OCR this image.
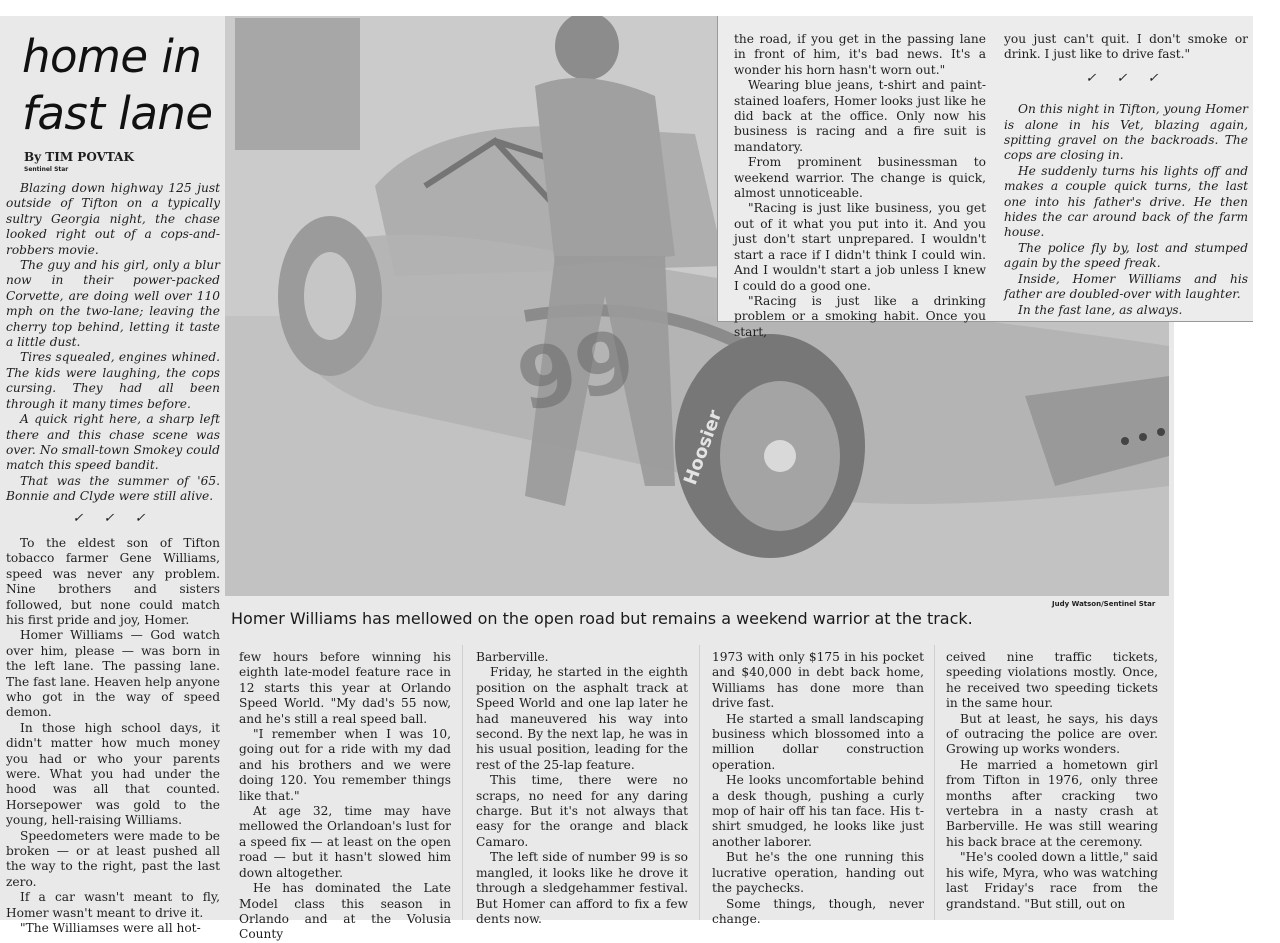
home in
fast lane

By TIM POVTAK

Sentinel Star

Blazing down highway 125 just outside of Tifton on a typically sultry Georgia night, the chase looked right out of a cops-and-robbers movie.

The guy and his girl, only a blur now in their power-packed Corvette, are doing well over 110 mph on the two-lane; leaving the cherry top behind, letting it taste a little dust.

Tires squealed, engines whined. The kids were laughing, the cops cursing. They had all been through it many times before.

A quick right here, a sharp left there and this chase scene was over. No small-town Smokey could match this speed bandit.

That was the summer of '65. Bonnie and Clyde were still alive.

✓ ✓ ✓

To the eldest son of Tifton tobacco farmer Gene Williams, speed was never any problem. Nine brothers and sisters followed, but none could match his first pride and joy, Homer.

Homer Williams — God watch over him, please — was born in the left lane. The passing lane. The fast lane. Heaven help anyone who got in the way of speed demon.

In those high school days, it didn't matter how much money you had or who your parents were. What you had under the hood was all that counted. Horsepower was gold to the young, hell-raising Williams.

Speedometers were made to be broken — or at least pushed all the way to the right, past the last zero.

If a car wasn't meant to fly, Homer wasn't meant to drive it.

"The Williamses were all hot-

the road, if you get in the passing lane in front of him, it's bad news. It's a wonder his horn hasn't worn out."

Wearing blue jeans, t-shirt and paint-stained loafers, Homer looks just like he did back at the office. Only now his business is racing and a fire suit is mandatory.

From prominent businessman to weekend warrior. The change is quick, almost unnoticeable.

"Racing is just like business, you get out of it what you put into it. And you just don't start unprepared. I wouldn't start a race if I didn't think I could win. And I wouldn't start a job unless I knew I could do a good one.

"Racing is just like a drinking problem or a smoking habit. Once you start,

you just can't quit. I don't smoke or drink. I just like to drive fast."

✓ ✓ ✓

On this night in Tifton, young Homer is alone in his Vet, blazing again, spitting gravel on the backroads. The cops are closing in.

He suddenly turns his lights off and makes a couple quick turns, the last one into his father's drive. He then hides the car around back of the farm house.

The police fly by, lost and stumped again by the speed freak.

Inside, Homer Williams and his father are doubled-over with laughter.

In the fast lane, as always.

Judy Watson/Sentinel Star

Homer Williams has mellowed on the open road but remains a weekend warrior at the track.

few hours before winning his eighth late-model feature race in 12 starts this year at Orlando Speed World. "My dad's 55 now, and he's still a real speed ball.

"I remember when I was 10, going out for a ride with my dad and his brothers and we were doing 120. You remember things like that."

At age 32, time may have mellowed the Orlandoan's lust for a speed fix — at least on the open road — but it hasn't slowed him down altogether.

He has dominated the Late Model class this season in Orlando and at the Volusia County

Barberville.

Friday, he started in the eighth position on the asphalt track at Speed World and one lap later he had maneuvered his way into second. By the next lap, he was in his usual position, leading for the rest of the 25-lap feature.

This time, there were no scraps, no need for any daring charge. But it's not always that easy for the orange and black Camaro.

The left side of number 99 is so mangled, it looks like he drove it through a sledgehammer festival. But Homer can afford to fix a few dents now.

1973 with only $175 in his pocket and $40,000 in debt back home, Williams has done more than drive fast.

He started a small landscaping business which blossomed into a million dollar construction operation.

He looks uncomfortable behind a desk though, pushing a curly mop of hair off his tan face. His t-shirt smudged, he looks like just another laborer.

But he's the one running this lucrative operation, handing out the paychecks.

Some things, though, never change.

ceived nine traffic tickets, speeding violations mostly. Once, he received two speeding tickets in the same hour.

But at least, he says, his days of outracing the police are over. Growing up works wonders.

He married a hometown girl from Tifton in 1976, only three months after cracking two vertebra in a nasty crash at Barberville. He was still wearing his back brace at the ceremony.

"He's cooled down a little," said his wife, Myra, who was watching last Friday's race from the grandstand. "But still, out on

99
Hoosier
